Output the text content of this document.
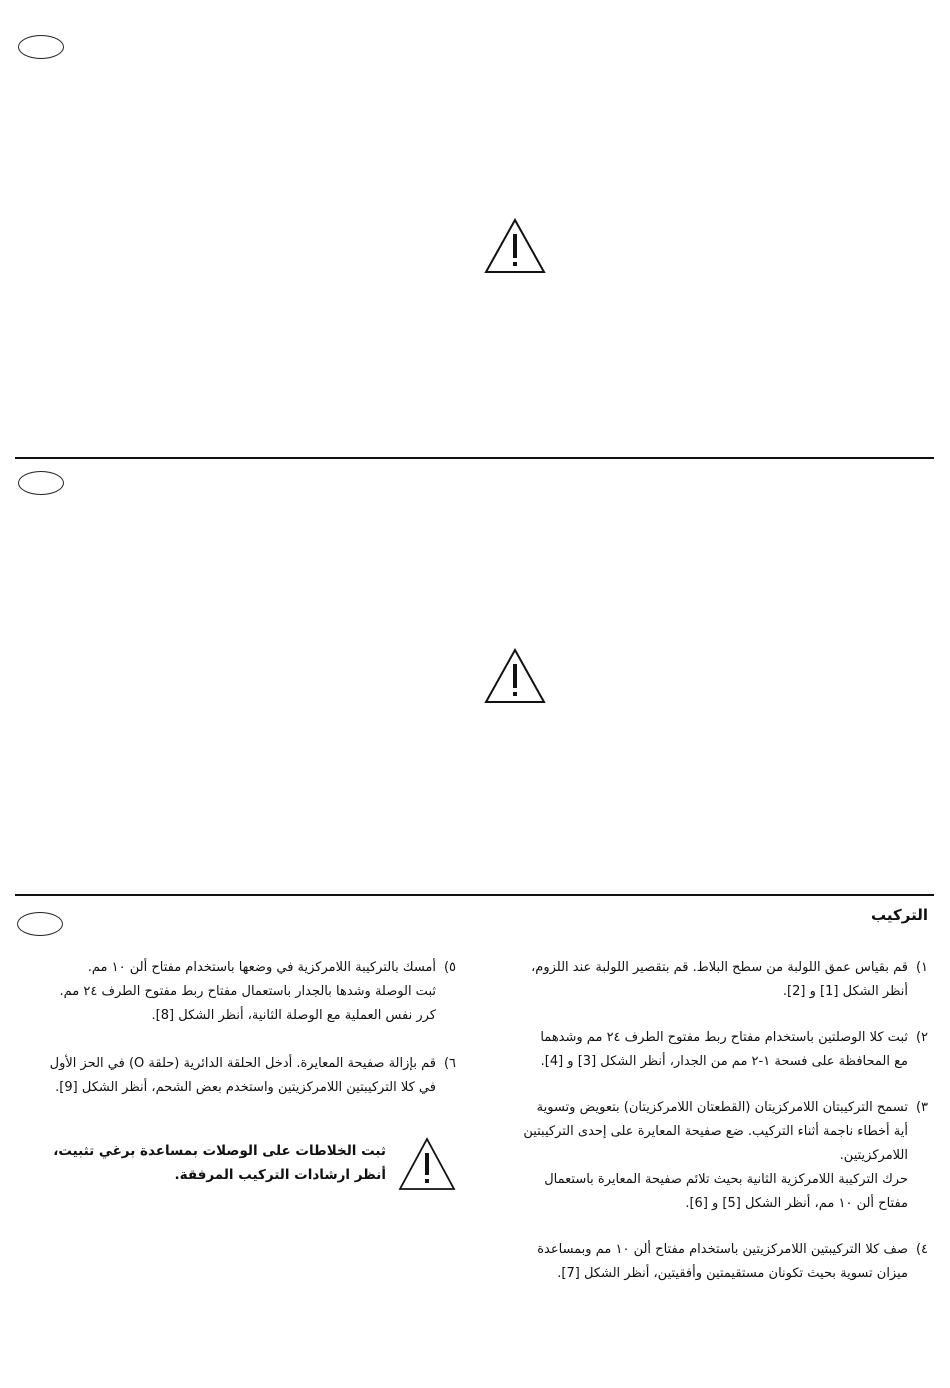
التركيب
١)

قم بقياس عمق اللولبة من سطح البلاط. قم بتقصير اللولبة عند اللزوم،

أنظر الشكل [1] و [2].

٢)

ثبت كلا الوصلتين باستخدام مفتاح ربط مفتوح الطرف ٢٤ مم وشدهما

مع المحافظة على فسحة ١-٢ مم من الجدار، أنظر الشكل [3] و [4].

٣)

تسمح التركيبتان اللامركزيتان (القطعتان اللامركزيتان) بتعويض وتسوية

أية أخطاء ناجمة أثناء التركيب. ضع صفيحة المعايرة على إحدى التركيبتين

اللامركزيتين.

حرك التركيبة اللامركزية الثانية بحيث تلائم صفيحة المعايرة باستعمال

مفتاح ألن ١٠ مم، أنظر الشكل [5] و [6].

٤)

صف كلا التركيبتين اللامركزيتين باستخدام مفتاح ألن ١٠ مم وبمساعدة

ميزان تسوية بحيث تكونان مستقيمتين وأفقيتين، أنظر الشكل [7].

٥)

أمسك بالتركيبة اللامركزية في وضعها باستخدام مفتاح ألن ١٠ مم.

ثبت الوصلة وشدها بالجدار باستعمال مفتاح ربط مفتوح الطرف ٢٤ مم.

كرر نفس العملية مع الوصلة الثانية، أنظر الشكل [8].

٦)

قم بإزالة صفيحة المعايرة. أدخل الحلقة الدائرية (حلقة O) في الحز الأول

في كلا التركيبتين اللامركزيتين واستخدم بعض الشحم، أنظر الشكل [9].

ثبت الخلاطات على الوصلات بمساعدة برغي تثبيت،
أنظر ارشادات التركيب المرفقة.
